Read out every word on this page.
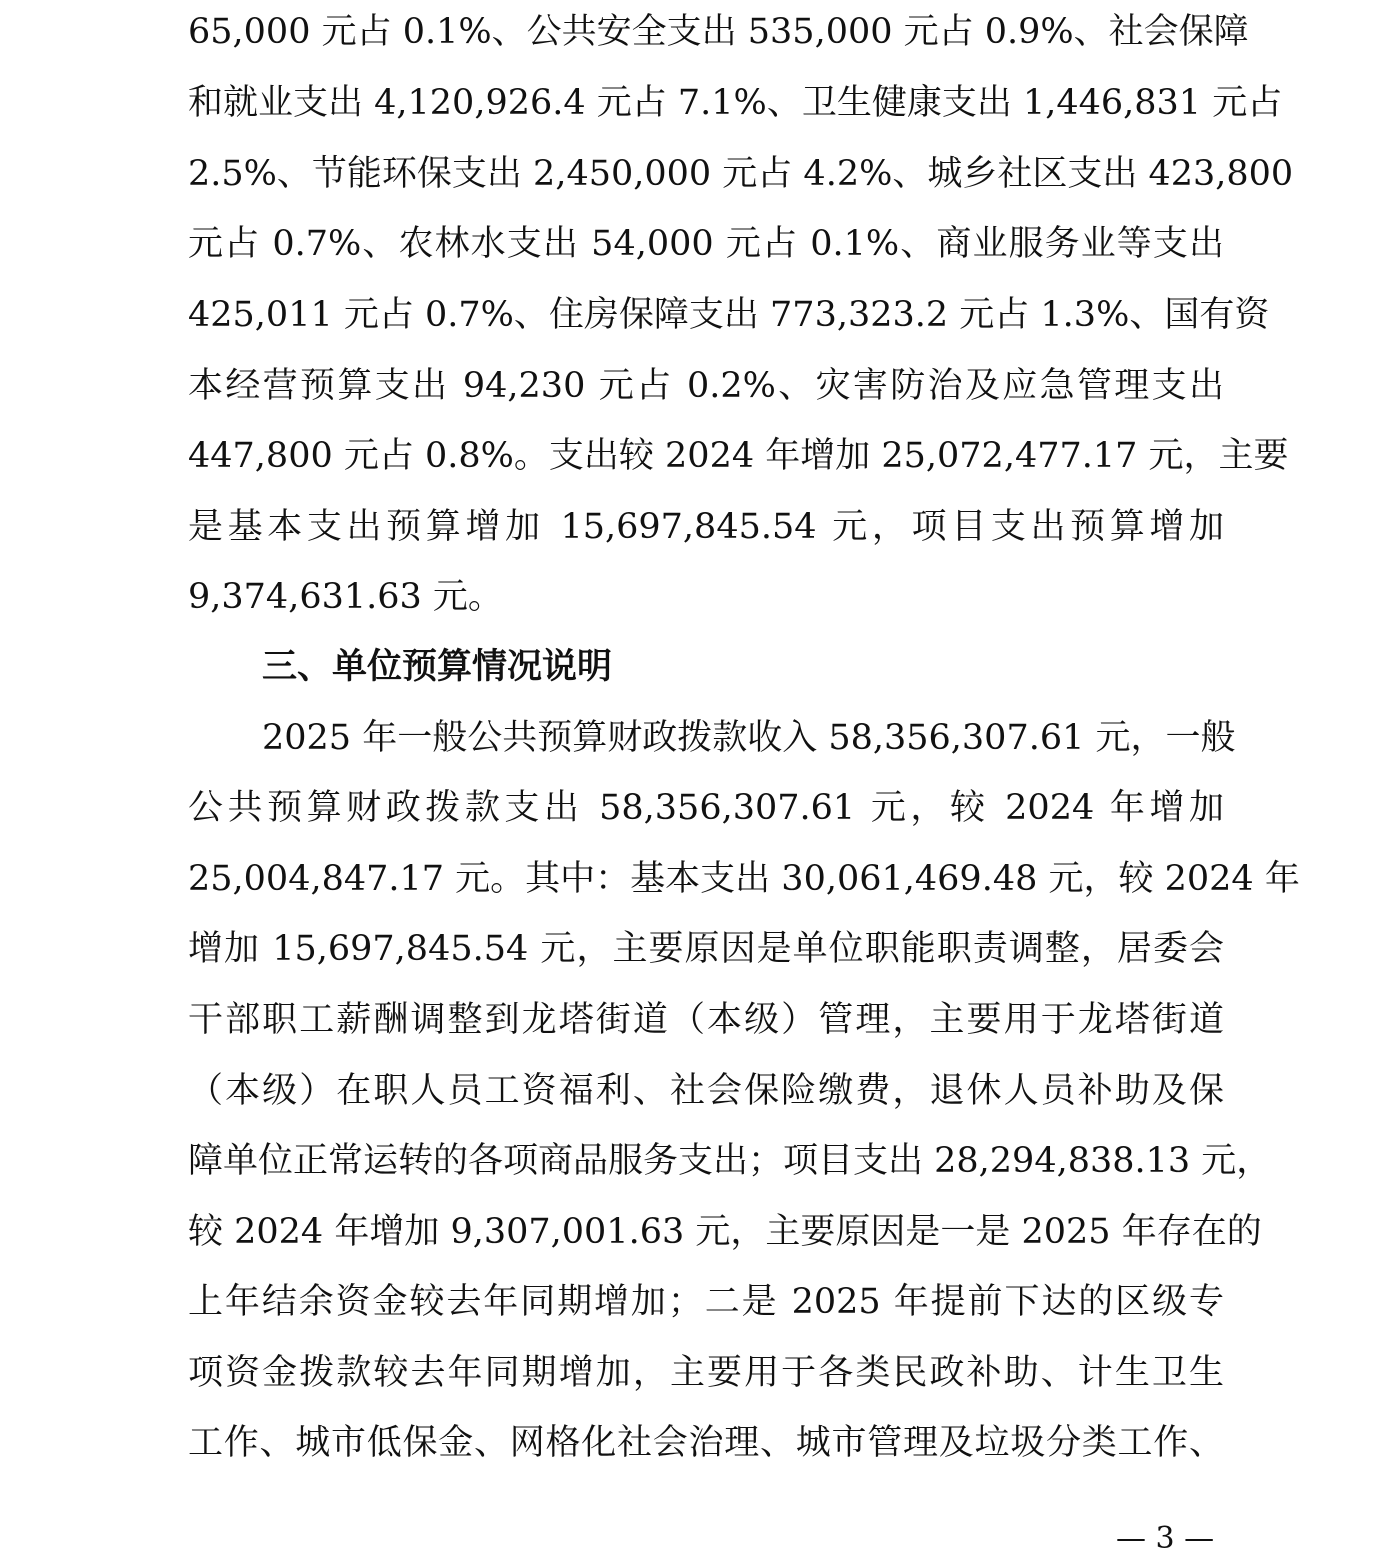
65,000 元占 0.1%、公共安全支出 535,000 元占 0.9%、社会保障
和就业支出 4,120,926.4 元占 7.1%、卫生健康支出 1,446,831 元占
2.5%、节能环保支出 2,450,000 元占 4.2%、城乡社区支出 423,800
元占 0.7%、农林水支出 54,000 元占 0.1%、商业服务业等支出
425,011 元占 0.7%、住房保障支出 773,323.2 元占 1.3%、国有资
本经营预算支出 94,230 元占 0.2%、灾害防治及应急管理支出
447,800 元占 0.8%。支出较 2024 年增加 25,072,477.17 元，主要
是基本支出预算增加 15,697,845.54 元，项目支出预算增加
9,374,631.63 元。
三、单位预算情况说明
2025 年一般公共预算财政拨款收入 58,356,307.61 元，一般
公共预算财政拨款支出 58,356,307.61 元，较 2024 年增加
25,004,847.17 元。其中：基本支出 30,061,469.48 元，较 2024 年
增加 15,697,845.54 元，主要原因是单位职能职责调整，居委会
干部职工薪酬调整到龙塔街道（本级）管理，主要用于龙塔街道
（本级）在职人员工资福利、社会保险缴费，退休人员补助及保
障单位正常运转的各项商品服务支出；项目支出 28,294,838.13 元，
较 2024 年增加 9,307,001.63 元，主要原因是一是 2025 年存在的
上年结余资金较去年同期增加；二是 2025 年提前下达的区级专
项资金拨款较去年同期增加，主要用于各类民政补助、计生卫生
工作、城市低保金、网格化社会治理、城市管理及垃圾分类工作、
— 3 —
